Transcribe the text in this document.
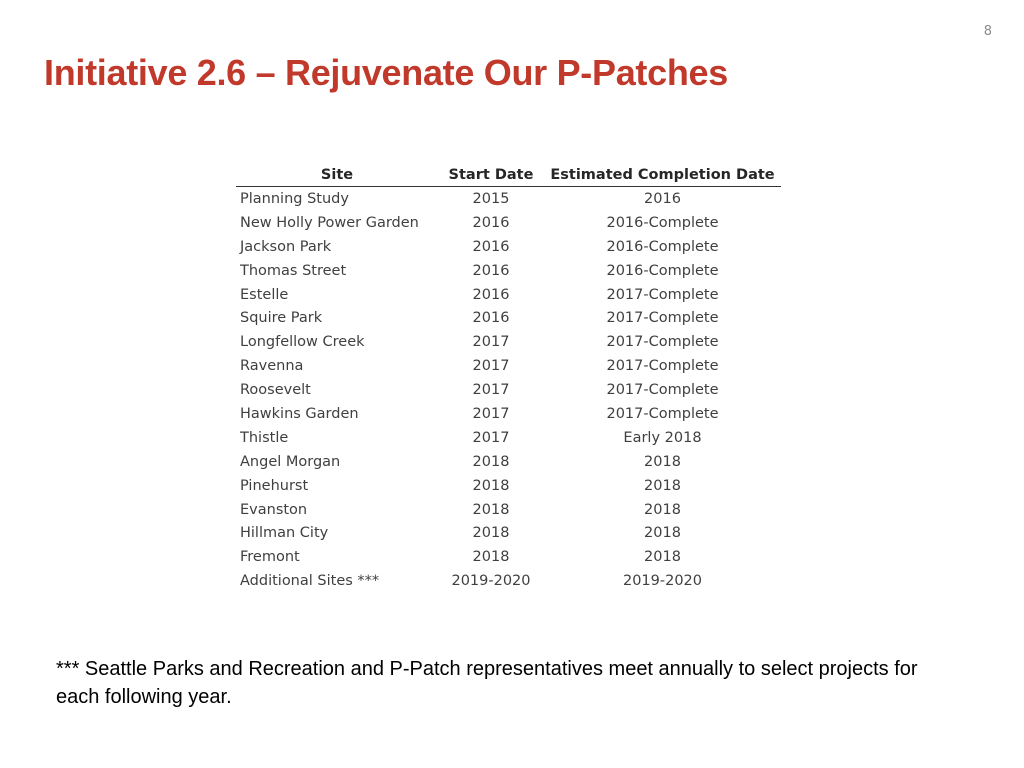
8
Initiative 2.6 – Rejuvenate Our P-Patches
Site	Start Date	Estimated Completion Date
Planning Study	2015	2016
New Holly Power Garden	2016	2016-Complete
Jackson Park	2016	2016-Complete
Thomas Street	2016	2016-Complete
Estelle	2016	2017-Complete
Squire Park	2016	2017-Complete
Longfellow Creek	2017	2017-Complete
Ravenna	2017	2017-Complete
Roosevelt	2017	2017-Complete
Hawkins Garden	2017	2017-Complete
Thistle	2017	Early 2018
Angel Morgan	2018	2018
Pinehurst	2018	2018
Evanston	2018	2018
Hillman City	2018	2018
Fremont	2018	2018
Additional Sites ***	2019-2020	2019-2020

*** Seattle Parks and Recreation and P-Patch representatives meet annually to select projects for each following year.
